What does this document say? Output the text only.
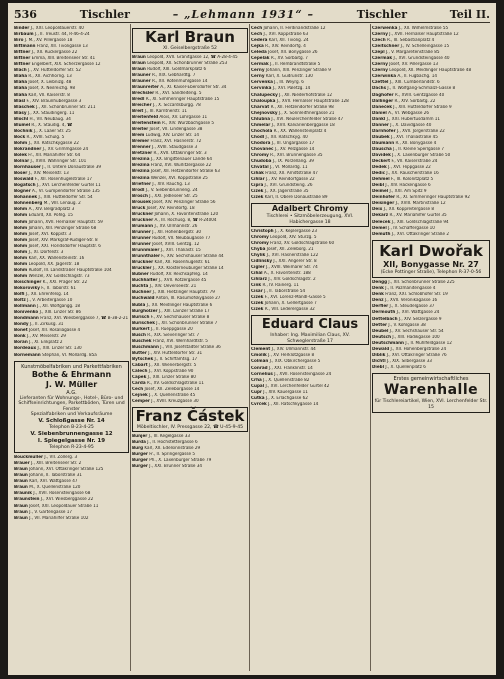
536	Tischler	– „Lehmann 1931“ –	Tischler	Teil II.
Binder J., XXI. Leopoldauerstr. 40
Birbaum J., II. Treustr. 44, R-46-4-24
Biro J. M., XV. Pillergasse 18
Bittmann Franz, XII. Tivoligasse 13
Bittner J., XII. Ruckergasse 22
Bittner Emma, XIII. Breitenseer Str. 41
Bittner Engelbert, XIX. Scherzergasse 12
Blach J., XV. Hütteldorfer Str. 52
Blaha R., XII. Aichhorng. 13
Blaha Josef, X. Leibnizg. 48
Blaha Josef, X. Neilreichg. 98
Blaha Karl, VII. Kaiserstr. 8
Blasl F., XIV. Braunhubergasse 3
Blaschek J., XII. Schönbrunner Str. 211
Blasy J., XX. Staudingerg. 11
Blöchl H., VII. Neubaug. 34
Blümel R., X. Staudig. 4, ☎
Bochnik J., X. Laaer Str. 25
Bock R., XVIII. Schulg. 5
Böhm J., XII. Ratschkygasse 22
Bokrandner J., XV. Grimmgasse 24
Bolek Fr., XII. Mariahilfer Str. 64
Bolnar J., XVIII. Währinger Str. 101
Bornhauser J., II. Untere Donaustraße 39
Böser J., XIV. Meiselstr. 13
Böswald F., XII. Rosenhügelstraße 17
Bogatsch J., XVI. Lerchenfelder Gürtel 11
Bogner A., VI. Gumpendorfer Straße 135
Bohannek J., XIII. Hütteldorfer Str. 54
Bohnenberg M., VIII. Lenaug. 2
Bohm A., XIV. Belgradplatz 3
Bohm Eduard, XII. Pohlg. 15
Böhm Johann, XVII. Hernalser Hauptstr. 59
Böhm Johann, XIII. Penzinger Straße 68
Böhm Josef, XVI. Koppstr. 3
Böhm Josef, XIV. Markgraf-Rüdiger-Str. 8
Böhm Josef, XXI. Floridsdorfer Hauptstr. 6
Böhm J., XI. Dörfelstr. 3
Böhm Karl, XX. Wallensteinstr. 16
Böhm Leopold, XX. Jägerstr. 18
Böhm Rudolf, III. Landstraßer Hauptstraße 104
Böhm Wenzel, XV. Goldschlagstr. 73
Boischinger K., XXI. Prager Str. 22
Bokoroviky F., II. Taborstr. 61
Bolfi J., XII. Ehrenfelsg. 14
Boltz J., V. Arbeitergasse 10
Bollmann J., XII. Wolfgangg. 18
Bonivenko J., XIII. Linzer Str. 86
Bondmann Franz, XVI. Wiesberggasse 7, ☎ B-38-2-21
Bondy J., II. Zirkusg. 31
Bonet Josef, XII. Rosaliagasse 4
Bonk J., XV. Meiselstr. 29
Boran J., XI. Enkplatz 2
Bordeaux J., XIII. Linzer Str. 130
Bornemann Stephan, VI. Mollardg. 85a
Kunstmöbelfabriken und Parkettfabriken
Bothe & Ehrmann
J. W. Müller
A.G.
Lieferanten für Wohnungs-, Hotel-, Büro- und Schiffseinrichtungen, Parkettböden, Türen und Fenster
Spezialfabriken und Verkaufsräume
V. Schloßgasse Nr. 14
Telephon B-23-4-25
V. Siebenbrunnengasse 12
I. Spiegelgasse Nr. 19
Telephon R-23-4-95
Bouckmüller J., VII. Zollerg. 3
Bräuer J., XIII. Breitenseer Str. 2
Braun Johann, XVI. Ottakringer Straße 125
Braun Johann, II. Taborstraße 31
Braun Karl, XVI. Wattgasse 47
Braun M., X. Quellenstraße 120
Braunik J., XVII. Rosensteingasse 68
Braunstein J., XVI. Wiesberggasse 22
Braun Josef, XXI. Leopoldauer Straße 11
Braun J., V. Gartengasse 17
Braun J., VII. Mariahilfer Straße 102
Karl Braun
XI. Geiselbergstraße 52
Braun Leopold, XVII. Granitgasse 12, ☎ A-28-4-45
Braun Leopold, XII. Schönbrunner Straße 253
Braun Rudolf, XIII. Goldmarkplatz 6
Bräuner R., XIX. Gebhardtg. 7
Brauner R., XII. Rotenmühlgasse 14
Braunreiter A., XI. Kaiser-Ebersdorfer Str. 34
Brechsler R., XVI. Sandleiteng. 5
Bredl R., XI. Simmeringer Hauptstraße 15
Breicher J., X. Siccardsburgg. 78
Breit J., III. Kärntnerstr. 11
Breitenfeld Alois, XV. Löhrgasse 11
Breitenstein R., XIV. Wurzbachgasse 5
Breiter Josef, VII. Lindengasse 38
Brem Ludwig, XIV. Linzer Str. 14
Bremer Franz, XVI. Hasnerstr. 72
Brenner J., XVIII. Staudgasse 3
Bretzner R., XVII. Ottakringer Str. 3
Brezina J., XX. Brigittenauer Lände 64
Brezina Franz, XVI. Wurlitzergasse 22
Brezina Josef, XII. Hetzendorfer Straße 63
Brezina Wenzel, XVI. Koppstraße 25
Briefner J., XIV. Rauchg. 13
Brodl J., V. Siebenbrunneng. 24
Brosch J., XXI. Jedleseer Str. 25
Brousek Josef, XIV. Penzinger Straße 56
Bruck Josef, XV. Reindorfg. 18
Bruckner Johann, X. Favoritenstraße 120
Bruckner A., III. Rochusg. 8, ☎ R-24004
Brumann J., XV. Ullmannstr. 26
Brunner J., XII. Hohenbergstr. 30
Brunner Rudolf, VII. Neubaugasse 77
Brunner Josef, XVIII. Gentzg. 12
Brunnmaier J., XVI. Thaliastr. 15
Brunnthaler F., XIV. Sechshauser Straße 44
Bruckner Karl, XII. Rosenhügelstr. 61
Brückler J., XX. Klosterneuburger Straße 14
Bubner Rudolf, XV. Reichsapfelg. 14
Buchhalter J., XVII. Rötzergasse 45
Buchta J., XIV. Oeverseestr. 21
Buchner J., XIII. Hietzinger Hauptstr. 79
Buchwald Anton, III. Rasumofskygasse 27
Bubla J., XII. Meidlinger Hauptstraße 6
Burgholzer J., XIII. Lainzer Straße 17
Burisch F., XV. Sechshauser Straße 8
Burischek J., XII. Schönbrunner Straße 7
Burkert J., II. Rueppgasse 20
Busch R., XIX. Sieveringer Str. 7
Buschek Franz, XVI. Wernhardtstr. 5
Buschmann J., VIII. Josefstädter Straße 36
Butter J., XIV. Hütteldorfer Str. 31
Bytschek J., II. Schiffamtsg. 17
Cabart J., XII. Wienerbergstr. 5
Calech J., XVI. Koppstraße 90
Čapek J., XIII. Linzer Straße 80
Carda R., XV. Goldschlagstraße 11
Cech Josef, XII. Zeleborgasse 14
Cejnek J., X. Quellenstraße 45
Cemper J., XVIII. Kreuzgasse 30
Franz Částek
Möbeltischler, IV. Pressgasse 22, ☎ U-45-9-45
Bunjer J., III. Kegelgasse 33
Burda J., II. Hochstettergasse 6
Burg Karl, XII. Edelsinnstraße 29
Burger Fr., II. Springergasse 5
Burger Ph., X. Laxenburger Straße 79
Bürger J., XXI. Brünner Straße 34
Cech Johann, II. Ferdinandstraße 12
Cech J., XVI. Koppstraße 63
Cedera Karl, XII. Tivolig. 24
Cejka R., XIV. Reindorfg. 4
Čeleda Josef, XII. Bonygasse 26
Cepelak R., XV. Sorbaitg. 7
Cermak J., II. Rembrandtstraße 5
Černy Johann, XIII. Penzinger Straße 9
Černy Karl, X. Gudrunstr. 130
Cervenka J., III. Weyrg. 6
Cervinka J., XVI. Paletzg. 14
Chalupecky J., XII. Niederhofstraße 12
Chaloupka J., XVII. Hernalser Hauptstraße 128
Charvat R., XII. Hetzendorfer Straße 98
Chejnovsky J., X. Sonnleithnergasse 21
Chlubna J., XVI. Neulerchenfelder Straße 47
Chmelar J., XVII. Kalvarienberggasse 18
Chochola R., XX. Wallensteinplatz 4
Chodl J., XII. Ratschkyg. 40
Chodora J., III. Ungargasse 17
Chovanec J., XV. Pelzgasse 14
Chromy R., XVI. Brunnengasse 35
Chudoba J., IX. Porzellang. 39
Chvatal J., VI. Mollardg. 11
Cihak Franz, XII. Arndtstraße 47
Cihlar J., XV. Reindorfgasse 22
Cipra J., XVI. Grundsteing. 26
Cizek J., XX. Jägerstraße 35
Cizek Karl, II. Obere Donaustraße 89
Adalbert Chromy
Tischlerei • Sitzmöbelerzeugung, XVI. Habichergasse 18
Christoph J., X. Keplergasse 23
Chromy Leopold, XIV. Sturzg. 5
Chromy Franz, XV. Goldschlagstraße 60
Chyba Josef, XII. Zeleborg. 21
Chylik J., XVI. Hasnerstraße 122
Cidlinsky J., XXI. Angerer Str. 8
Cigler J., XVIII. Weimarer Str. 74
Cihal A., X. Favoritenstr. 188
Cihlarz J., XIV. Goldschlagstr. 2
Cink R., IV. Rainerg. 11
Cisar J., II. Taborstraße 54
Cizek F., XVI. Lorenz-Mandl-Gasse 5
Cizek Johann, X. Gellertgasse 7
Cizek R., VIII. Lederergasse 32
Eduard Claus
Inhaber: Ing. Maximilian Claus, XV. Schweglerstraße 17
Clement J., XIV. Ullmannstr. 44
Cmolik J., XV. Herklotzgasse 8
Colman J., XIX. Obkirchergasse 5
Conrad J., XXI. Franklinstr. 14
Cornelius J., XVII. Rosensteingasse 24
Crha J., X. Quellenstraße 82
Cupal J., XVI. Lerchenfelder Gürtel 42
Cupr J., XIV. Kauergasse 11
Cutka J., X. Erlachgasse 62
Cvrček J., XII. Ratschkygasse 14
Czerwenka J., XII. Wilhelmstraße 55
Czerny J., XVII. Hernalser Hauptstraße 12
Czech R., III. Sebastianplatz 4
Czeitschner J., IV. Schelleingasse 15
Czepl J., V. Margaretenstraße 85
Czermak J., XVI. Grundsteingasse 40
Czerny Josef, XV. Pillergasse 13
Czerny Leopold, XII. Meidlinger Hauptstraße 48
Czerwinka A., II. Fugbachg. 14
Czettel J., XIII. Cumberlandstr. 6
Dachs J., II. Wolfgang-Schmälzl-Gasse 8
Daghofer R., XVIII. Gentzgasse 40
Dallinger R., XIV. Sorbaitg. 22
Daneček J., XIII. Hütteldorfer Straße 9
Daniel A., VI. Webgasse 26
Dankl J., XXI. Hubertusdamm 11
Danner J., X. Davidgasse 40
Darnhofer J., XVII. Jörgerstraße 22
Daubek J., XVI. Thaliastraße 45
Daumann R., XII. Bonygasse 4
Dauscha J., II. Kleine Sperlgasse 7
Davidek J., X. Laxenburger Straße 50
Deckert F., VII. Kaiserstraße 24
Dedek J., XVI. Hippgasse 22
Dedic J., XX. Rauscherstraße 16
Dehmel F., III. Kolonitzplatz 5
Deibl J., XIV. Hackengasse 6
Deimel J., XXI. Am Spitz 9
Deinhofer R., XI. Simmeringer Hauptstraße 92
Deisinger J., XVIII. Martinstraße 12
Deix J., XII. Koppreitergasse 8
Dekarz R., XV. Mariahilfer Gürtel 35
Delecek J., XIII. Goldschlagstraße 94
Demel J., IV. Schäffergasse 10
Demuth J., XVI. Ottakringer Straße 2
Karl Dwořak
XII, Bonygasse Nr. 27
(Ecke Pottinger Straße), Telephon R-37-0-56
Dengg J., XII. Schönbrunner Straße 225
Denk J., II. Pazmanitengasse 4
Denk Franz, XXI. Schloßhofer Str. 19
Denz J., XVII. Veronikagasse 16
Derfler J., X. Steudelgasse 37
Dermouth J., XVI. Wattgasse 24
Dettelbach J., XIV. Selzergasse 9
Detter J., V. Kohlgasse 38
Deubel J., XV. Sechshauser Str. 54
Deutsch J., XIII. Hadikgasse 100
Deutschmann J., II. Mühlfeldgasse 12
Dewald J., XII. Hohenbergstraße 24
Diblik J., XVI. Ottakringer Straße 76
Dichtl J., XIX. Silbergasse 33
Diebl J., X. Quellenplatz 6
Erstes gemeinwirtschaftliches
Warenhalle
für Tischlereiartikel, Wien, XVI. Lerchenfelder Str. 15
